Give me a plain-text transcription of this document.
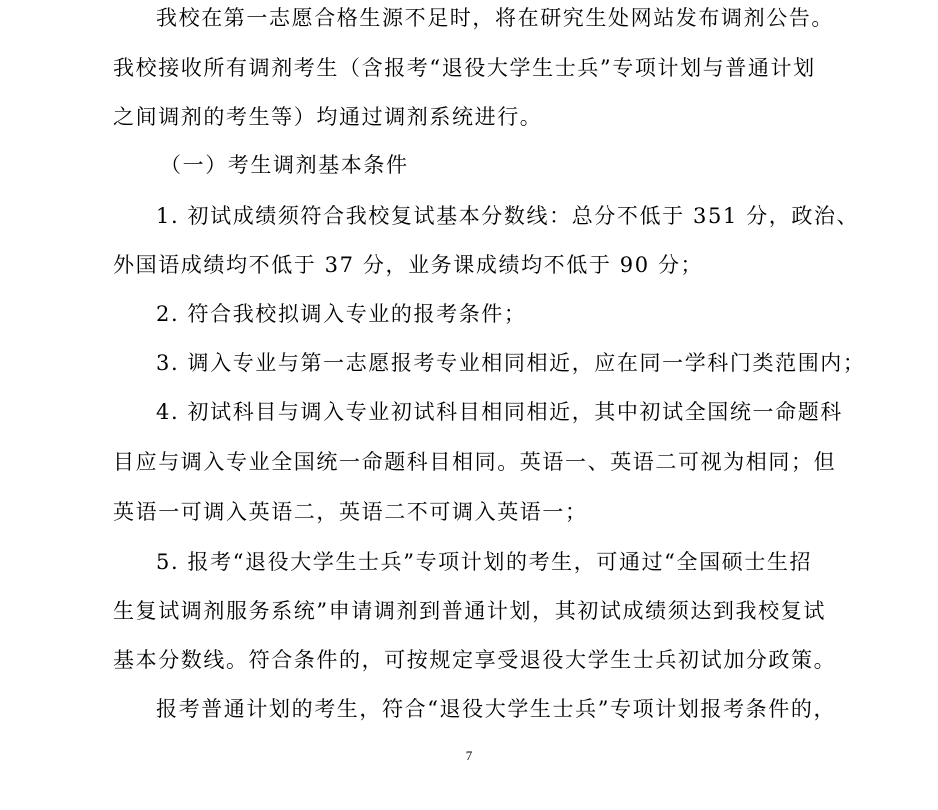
我校在第一志愿合格生源不足时，将在研究生处网站发布调剂公告。
我校接收所有调剂考生（含报考“退役大学生士兵”专项计划与普通计划
之间调剂的考生等）均通过调剂系统进行。
（一）考生调剂基本条件
1. 初试成绩须符合我校复试基本分数线：总分不低于 351 分，政治、
外国语成绩均不低于 37 分，业务课成绩均不低于 90 分；
2. 符合我校拟调入专业的报考条件；
3. 调入专业与第一志愿报考专业相同相近，应在同一学科门类范围内；
4. 初试科目与调入专业初试科目相同相近，其中初试全国统一命题科
目应与调入专业全国统一命题科目相同。英语一、英语二可视为相同；但
英语一可调入英语二，英语二不可调入英语一；
5. 报考“退役大学生士兵”专项计划的考生，可通过“全国硕士生招
生复试调剂服务系统”申请调剂到普通计划，其初试成绩须达到我校复试
基本分数线。符合条件的，可按规定享受退役大学生士兵初试加分政策。
报考普通计划的考生，符合“退役大学生士兵”专项计划报考条件的，
7
